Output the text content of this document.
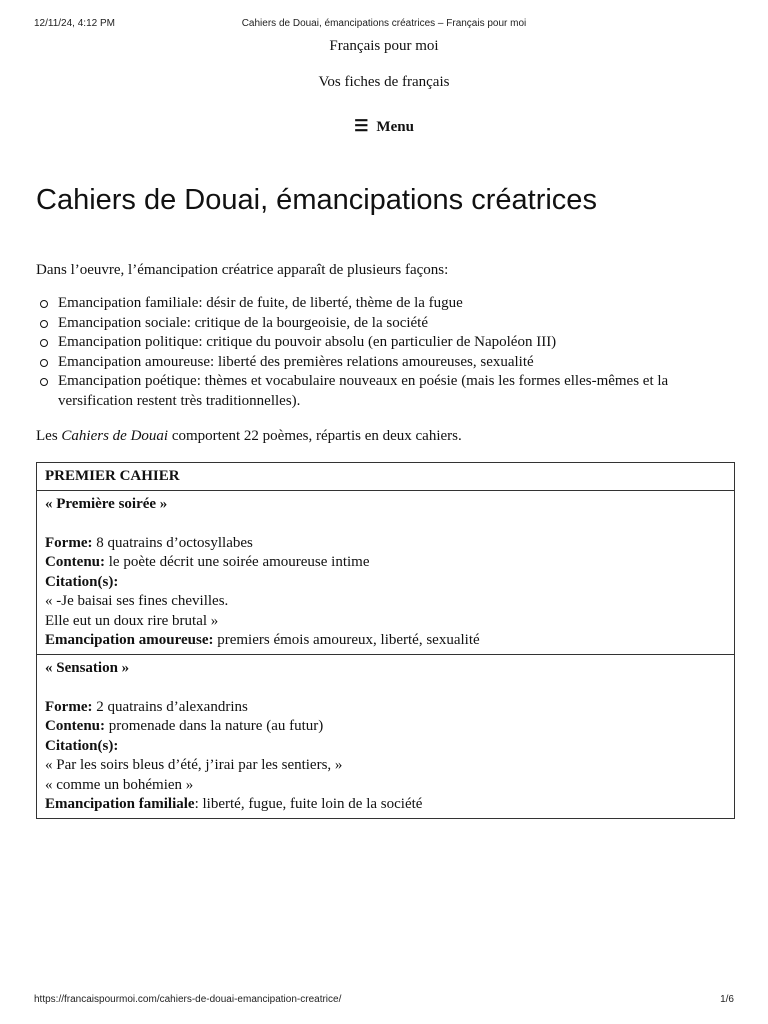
12/11/24, 4:12 PM	Cahiers de Douai, émancipations créatrices – Français pour moi
Français pour moi
Vos fiches de français
☰ Menu
Cahiers de Douai, émancipations créatrices

Dans l’oeuvre, l’émancipation créatrice apparaît de plusieurs façons:

Emancipation familiale: désir de fuite, de liberté, thème de la fugue
Emancipation sociale: critique de la bourgeoisie, de la société
Emancipation politique: critique du pouvoir absolu (en particulier de Napoléon III)
Emancipation amoureuse: liberté des premières relations amoureuses, sexualité
Emancipation poétique: thèmes et vocabulaire nouveaux en poésie (mais les formes elles-mêmes et la versification restent très traditionnelles).

Les Cahiers de Douai comportent 22 poèmes, répartis en deux cahiers.

PREMIER CAHIER

« Première soirée »
Forme: 8 quatrains d’octosyllabes
Contenu: le poète décrit une soirée amoureuse intime
Citation(s):
« -Je baisai ses fines chevilles.
Elle eut un doux rire brutal »
Emancipation amoureuse: premiers émois amoureux, liberté, sexualité

« Sensation »
Forme: 2 quatrains d’alexandrins
Contenu: promenade dans la nature (au futur)
Citation(s):
« Par les soirs bleus d’été, j’irai par les sentiers, »
« comme un bohémien »
Emancipation familiale: liberté, fugue, fuite loin de la société
https://francaispourmoi.com/cahiers-de-douai-emancipation-creatrice/	1/6
